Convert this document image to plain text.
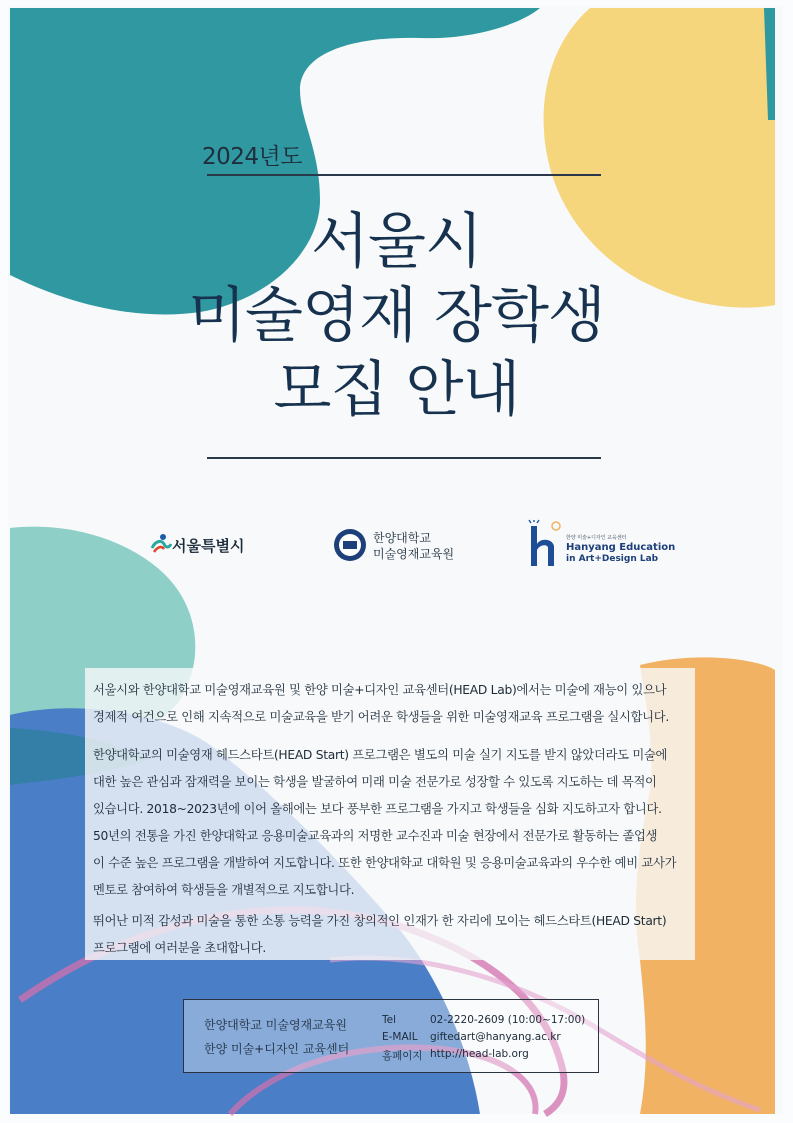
2024년도
서울시
미술영재 장학생
모집 안내
서울특별시	한양대학교
미술영재교육원
한양 미술+디자인 교육센터
Hanyang Education
in Art+Design Lab
서울시와 한양대학교 미술영재교육원 및 한양 미술+디자인 교육센터(HEAD Lab)에서는 미술에 재능이 있으나
경제적 여건으로 인해 지속적으로 미술교육을 받기 어려운 학생들을 위한 미술영재교육 프로그램을 실시합니다.
한양대학교의 미술영재 헤드스타트(HEAD Start) 프로그램은 별도의 미술 실기 지도를 받지 않았더라도 미술에
대한 높은 관심과 잠재력을 보이는 학생을 발굴하여 미래 미술 전문가로 성장할 수 있도록 지도하는 데 목적이
있습니다. 2018~2023년에 이어 올해에는 보다 풍부한 프로그램을 가지고 학생들을 심화 지도하고자 합니다.
50년의 전통을 가진 한양대학교 응용미술교육과의 저명한 교수진과 미술 현장에서 전문가로 활동하는 졸업생
이 수준 높은 프로그램을 개발하여 지도합니다. 또한 한양대학교 대학원 및 응용미술교육과의 우수한 예비 교사가
멘토로 참여하여 학생들을 개별적으로 지도합니다.
뛰어난 미적 감성과 미술을 통한 소통 능력을 가진 창의적인 인재가 한 자리에 모이는 헤드스타트(HEAD Start)
프로그램에 여러분을 초대합니다.
한양대학교 미술영재교육원
한양 미술+디자인 교육센터
Tel	02-2220-2609 (10:00~17:00)
E-MAIL giftedart@hanyang.ac.kr
홈페이지 http://head-lab.org
